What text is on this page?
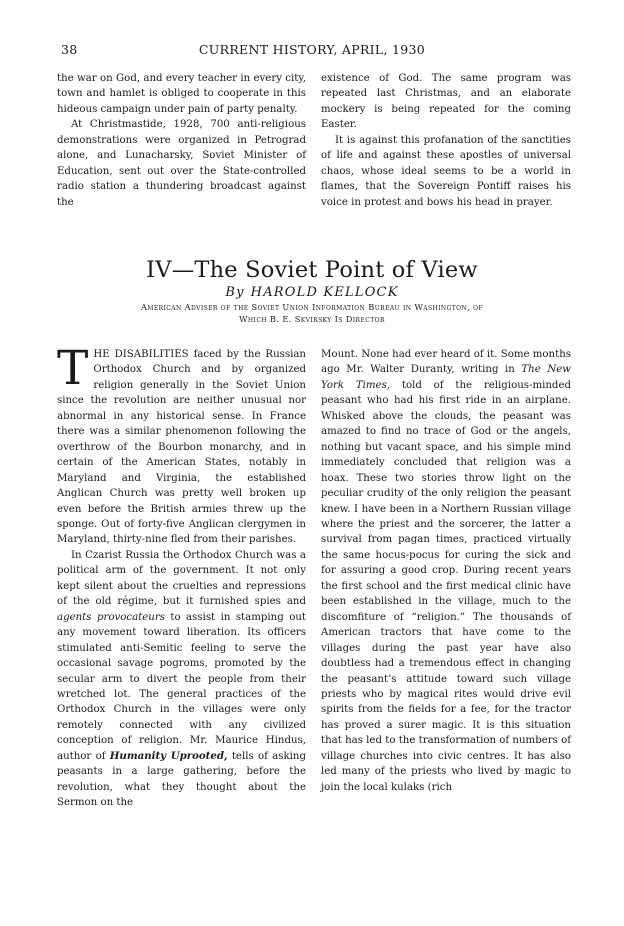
38	CURRENT HISTORY, APRIL, 1930

the war on God, and every teacher in every city, town and hamlet is obliged to cooperate in this hideous campaign under pain of party penalty.

At Christmastide, 1928, 700 anti-religious demonstrations were organized in Petrograd alone, and Lunacharsky, Soviet Minister of Education, sent out over the State-controlled radio station a thundering broadcast against the

existence of God. The same program was repeated last Christmas, and an elaborate mockery is being repeated for the coming Easter.

It is against this profanation of the sanctities of life and against these apostles of universal chaos, whose ideal seems to be a world in flames, that the Sovereign Pontiff raises his voice in protest and bows his head in prayer.

IV—The Soviet Point of View
By HAROLD KELLOCK
American Adviser of the Soviet Union Information Bureau in Washington, of
Which B. E. Skvirsky Is Director

THE DISABILITIES faced by the Russian Orthodox Church and by organized religion generally in the Soviet Union since the revolution are neither unusual nor abnormal in any historical sense. In France there was a similar phenomenon following the overthrow of the Bourbon monarchy, and in certain of the American States, notably in Maryland and Virginia, the established Anglican Church was pretty well broken up even before the British armies threw up the sponge. Out of forty-five Anglican clergymen in Maryland, thirty-nine fled from their parishes.

In Czarist Russia the Orthodox Church was a political arm of the government. It not only kept silent about the cruelties and repressions of the old régime, but it furnished spies and agents provocateurs to assist in stamping out any movement toward liberation. Its officers stimulated anti-Semitic feeling to serve the occasional savage pogroms, promoted by the secular arm to divert the people from their wretched lot. The general practices of the Orthodox Church in the villages were only remotely connected with any civilized conception of religion. Mr. Maurice Hindus, author of Humanity Uprooted, tells of asking peasants in a large gathering, before the revolution, what they thought about the Sermon on the

Mount. None had ever heard of it. Some months ago Mr. Walter Duranty, writing in The New York Times, told of the religious-minded peasant who had his first ride in an airplane. Whisked above the clouds, the peasant was amazed to find no trace of God or the angels, nothing but vacant space, and his simple mind immediately concluded that religion was a hoax. These two stories throw light on the peculiar crudity of the only religion the peasant knew. I have been in a Northern Russian village where the priest and the sorcerer, the latter a survival from pagan times, practiced virtually the same hocus-pocus for curing the sick and for assuring a good crop. During recent years the first school and the first medical clinic have been established in the village, much to the discomfiture of “religion.” The thousands of American tractors that have come to the villages during the past year have also doubtless had a tremendous effect in changing the peasant’s attitude toward such village priests who by magical rites would drive evil spirits from the fields for a fee, for the tractor has proved a surer magic. It is this situation that has led to the transformation of numbers of village churches into civic centres. It has also led many of the priests who lived by magic to join the local kulaks (rich
